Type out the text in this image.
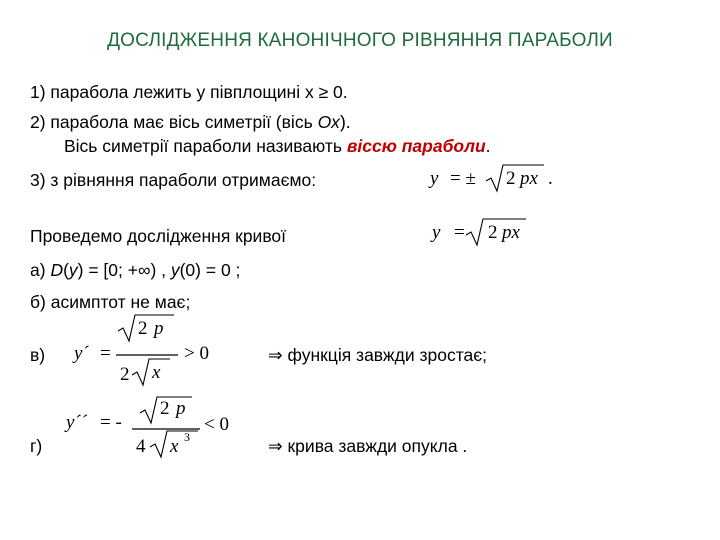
ДОСЛІДЖЕННЯ КАНОНІЧНОГО РІВНЯННЯ ПАРАБОЛИ
1) парабола лежить у півплощині x ≥ 0.
2) парабола має вісь симетрії (вісь Ox).
Вісь симетрії параболи називають віссю параболи.
3) з рівняння параболи отримаємо:	y = ± 2 px .
Проведемо дослідження кривої	y = 2 px
а) D(y) = [0; +∞) , y(0) = 0 ;
б) асимптот не має;
в) y´ =
2 p
2 x
> 0	⇒ функція завжди зростає;
г)
y´´ = -
2 p
4 x 3
< 0
⇒ крива завжди опукла .
